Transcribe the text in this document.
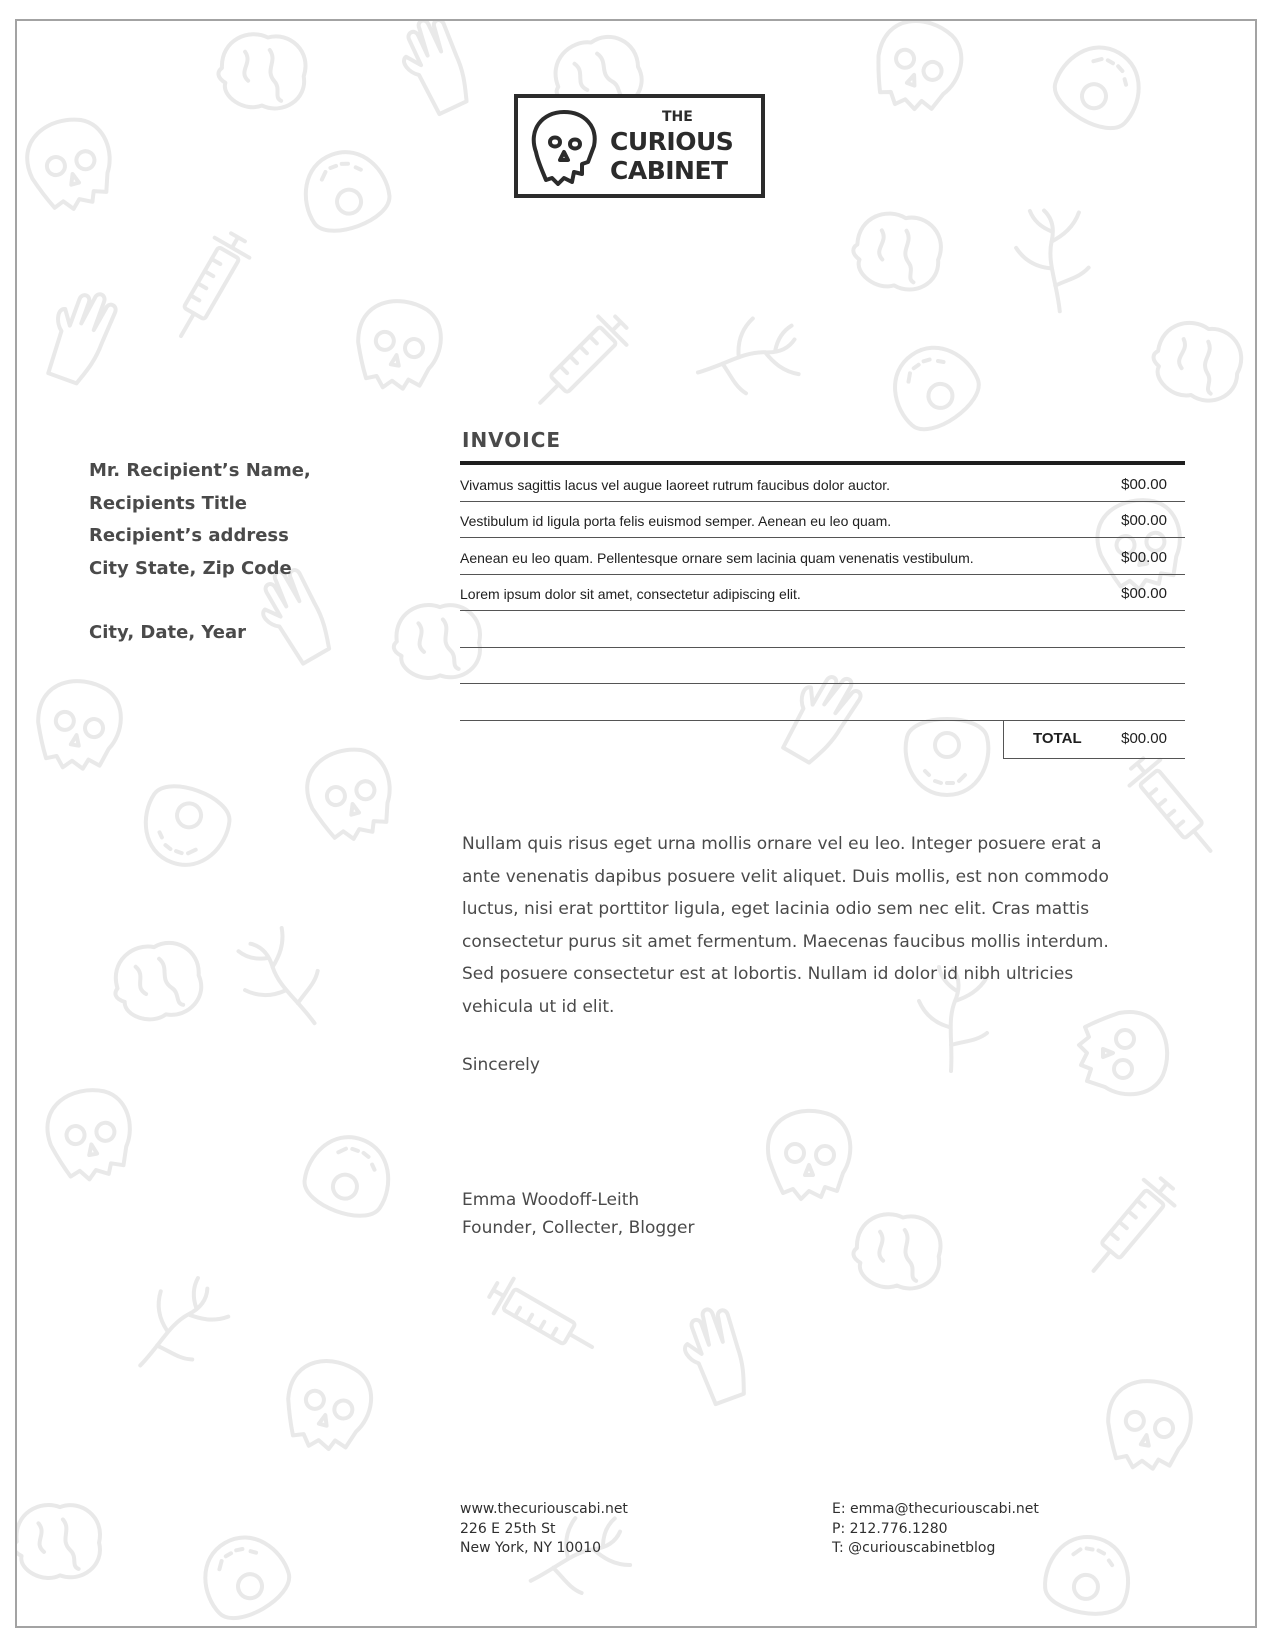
THE
CURIOUS
CABINET
Mr. Recipient’s Name,
Recipients Title
Recipient’s address
City State, Zip Code
City, Date, Year
INVOICE
Vivamus sagittis lacus vel augue laoreet rutrum faucibus dolor auctor.	$00.00
Vestibulum id ligula porta felis euismod semper. Aenean eu leo quam.	$00.00
Aenean eu leo quam. Pellentesque ornare sem lacinia quam venenatis vestibulum.	$00.00
Lorem ipsum dolor sit amet, consectetur adipiscing elit.	$00.00
TOTAL	$00.00

Nullam quis risus eget urna mollis ornare vel eu leo. Integer posuere erat a ante venenatis dapibus posuere velit aliquet. Duis mollis, est non commodo luctus, nisi erat porttitor ligula, eget lacinia odio sem nec elit. Cras mattis consectetur purus sit amet fermentum. Maecenas faucibus mollis interdum. Sed posuere consectetur est at lobortis. Nullam id dolor id nibh ultricies vehicula ut id elit.

Sincerely
Emma Woodoff-Leith
Founder, Collecter, Blogger
www.thecuriouscabi.net
226 E 25th St
New York, NY 10010
E: emma@thecuriouscabi.net
P: 212.776.1280
T: @curiouscabinetblog
